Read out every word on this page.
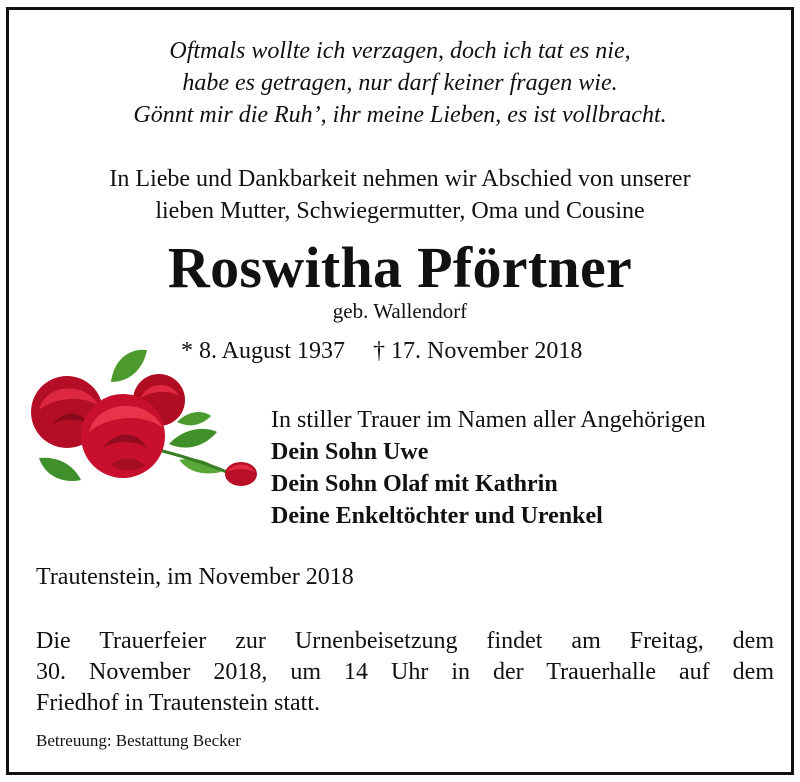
Oftmals wollte ich verzagen, doch ich tat es nie,
habe es getragen, nur darf keiner fragen wie.
Gönnt mir die Ruh’, ihr meine Lieben, es ist vollbracht.
In Liebe und Dankbarkeit nehmen wir Abschied von unserer
lieben Mutter, Schwiegermutter, Oma und Cousine
Roswitha Pförtner
geb. Wallendorf
* 8. August 1937 † 17. November 2018
In stiller Trauer im Namen aller Angehörigen
Dein Sohn Uwe
Dein Sohn Olaf mit Kathrin
Deine Enkeltöchter und Urenkel
Trautenstein, im November 2018
Die Trauerfeier zur Urnenbeisetzung findet am Freitag, dem
30. November 2018, um 14 Uhr in der Trauerhalle auf dem
Friedhof in Trautenstein statt.
Betreuung: Bestattung Becker
